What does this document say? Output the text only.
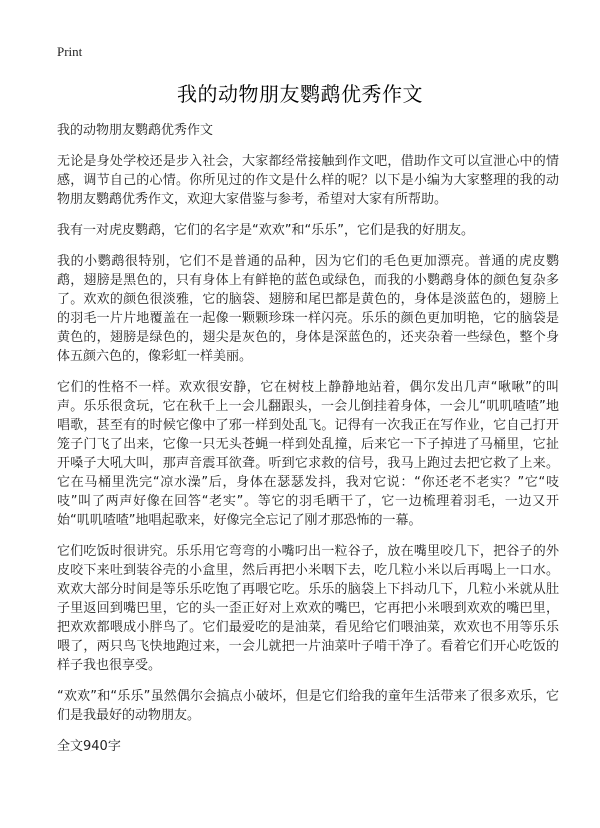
Print
我的动物朋友鹦鹉优秀作文

我的动物朋友鹦鹉优秀作文

无论是身处学校还是步入社会，大家都经常接触到作文吧，借助作文可以宣泄心中的情感，调节自己的心情。你所见过的作文是什么样的呢？以下是小编为大家整理的我的动物朋友鹦鹉优秀作文，欢迎大家借鉴与参考，希望对大家有所帮助。

我有一对虎皮鹦鹉，它们的名字是“欢欢”和“乐乐”，它们是我的好朋友。

我的小鹦鹉很特别，它们不是普通的品种，因为它们的毛色更加漂亮。普通的虎皮鹦鹉，翅膀是黑色的，只有身体上有鲜艳的蓝色或绿色，而我的小鹦鹉身体的颜色复杂多了。欢欢的颜色很淡雅，它的脑袋、翅膀和尾巴都是黄色的，身体是淡蓝色的，翅膀上的羽毛一片片地覆盖在一起像一颗颗珍珠一样闪亮。乐乐的颜色更加明艳，它的脑袋是黄色的，翅膀是绿色的，翅尖是灰色的，身体是深蓝色的，还夹杂着一些绿色，整个身体五颜六色的，像彩虹一样美丽。

它们的性格不一样。欢欢很安静，它在树枝上静静地站着，偶尔发出几声“啾啾”的叫声。乐乐很贪玩，它在秋千上一会儿翻跟头，一会儿倒挂着身体，一会儿“叽叽喳喳”地唱歌，甚至有的时候它像中了邪一样到处乱飞。记得有一次我正在写作业，它自己打开笼子门飞了出来，它像一只无头苍蝇一样到处乱撞，后来它一下子掉进了马桶里，它扯开嗓子大吼大叫，那声音震耳欲聋。听到它求救的信号，我马上跑过去把它救了上来。它在马桶里洗完“凉水澡”后，身体在瑟瑟发抖，我对它说：“你还老不老实？”它“吱吱”叫了两声好像在回答“老实”。等它的羽毛晒干了，它一边梳理着羽毛，一边又开始“叽叽喳喳”地唱起歌来，好像完全忘记了刚才那恐怖的一幕。

它们吃饭时很讲究。乐乐用它弯弯的小嘴叼出一粒谷子，放在嘴里咬几下，把谷子的外皮咬下来吐到装谷壳的小盒里，然后再把小米咽下去，吃几粒小米以后再喝上一口水。欢欢大部分时间是等乐乐吃饱了再喂它吃。乐乐的脑袋上下抖动几下，几粒小米就从肚子里返回到嘴巴里，它的头一歪正好对上欢欢的嘴巴，它再把小米喂到欢欢的嘴巴里，把欢欢都喂成小胖鸟了。它们最爱吃的是油菜，看见给它们喂油菜，欢欢也不用等乐乐喂了，两只鸟飞快地跑过来，一会儿就把一片油菜叶子啃干净了。看着它们开心吃饭的样子我也很享受。

“欢欢”和“乐乐”虽然偶尔会搞点小破坏，但是它们给我的童年生活带来了很多欢乐，它们是我最好的动物朋友。

全文940字
